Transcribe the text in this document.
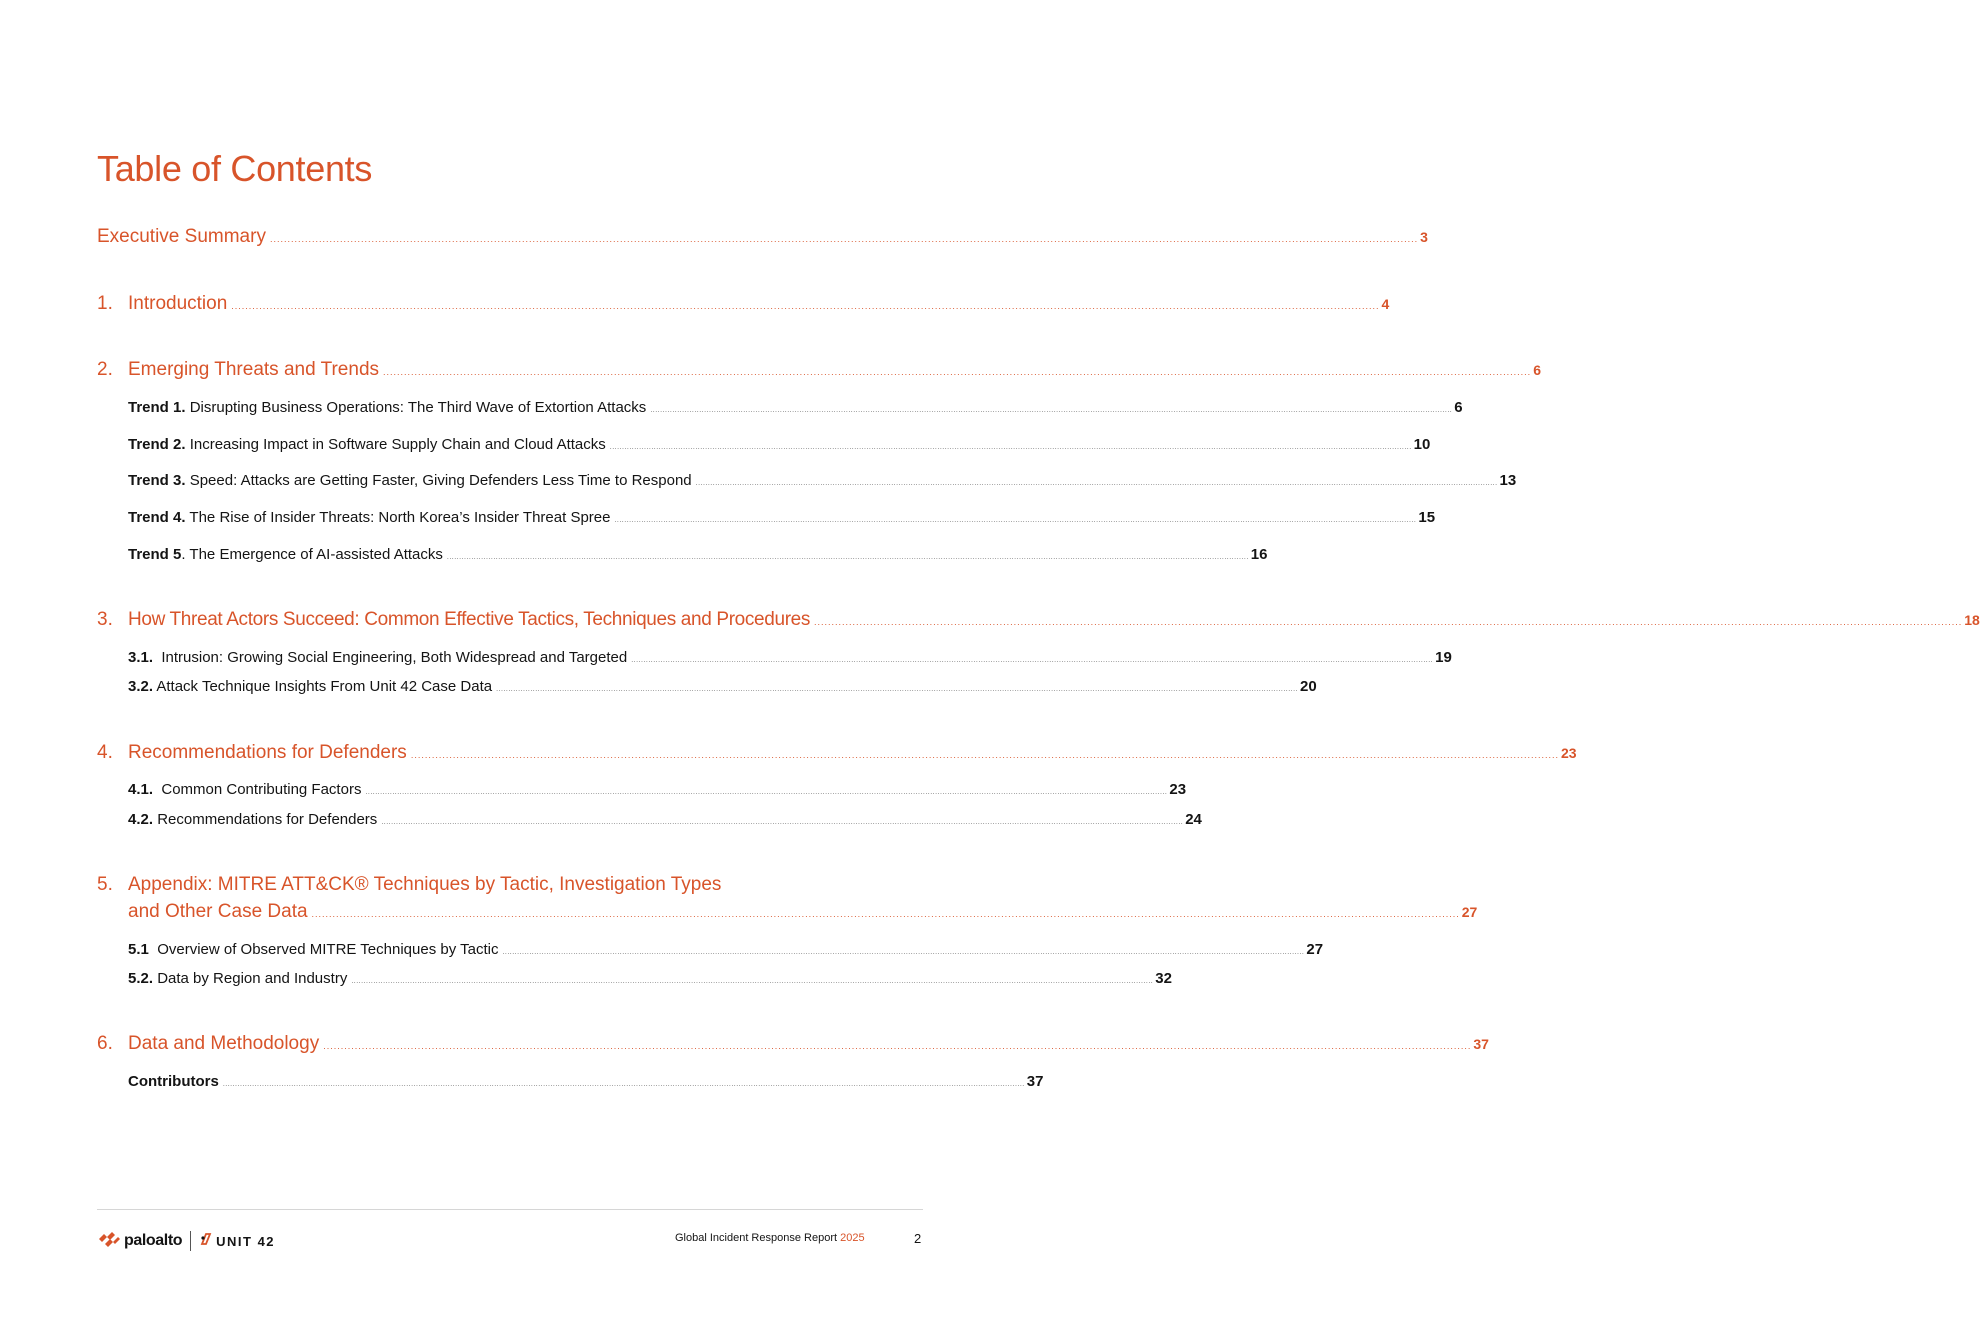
Table of Contents
Executive Summary ........................................................................................................................................................................................................................................................................................................................................ 3
1. Introduction ........................................................................................................................................................................................................................................................................................................................................ 4
2. Emerging Threats and Trends ........................................................................................................................................................................................................................................................................................................................................ 6
Trend 1. Disrupting Business Operations: The Third Wave of Extortion Attacks ........................................................................................................................................................................................................................................................................................................................................ 6
Trend 2. Increasing Impact in Software Supply Chain and Cloud Attacks ........................................................................................................................................................................................................................................................................................................................................ 10
Trend 3. Speed: Attacks are Getting Faster, Giving Defenders Less Time to Respond ........................................................................................................................................................................................................................................................................................................................................ 13
Trend 4. The Rise of Insider Threats: North Korea’s Insider Threat Spree ........................................................................................................................................................................................................................................................................................................................................ 15
Trend 5. The Emergence of AI-assisted Attacks ........................................................................................................................................................................................................................................................................................................................................ 16
3. How Threat Actors Succeed: Common Effective Tactics, Techniques and Procedures ........................................................................................................................................................................................................................................................................................................................................ 18
3.1.  Intrusion: Growing Social Engineering, Both Widespread and Targeted ........................................................................................................................................................................................................................................................................................................................................ 19
3.2. Attack Technique Insights From Unit 42 Case Data ........................................................................................................................................................................................................................................................................................................................................ 20
4. Recommendations for Defenders ........................................................................................................................................................................................................................................................................................................................................ 23
4.1.  Common Contributing Factors ........................................................................................................................................................................................................................................................................................................................................ 23
4.2. Recommendations for Defenders ........................................................................................................................................................................................................................................................................................................................................ 24
5. Appendix: MITRE ATT&CK® Techniques by Tactic, Investigation Types
and Other Case Data ........................................................................................................................................................................................................................................................................................................................................ 27
5.1  Overview of Observed MITRE Techniques by Tactic ........................................................................................................................................................................................................................................................................................................................................ 27
5.2. Data by Region and Industry ........................................................................................................................................................................................................................................................................................................................................ 32
6. Data and Methodology ........................................................................................................................................................................................................................................................................................................................................ 37
Contributors ........................................................................................................................................................................................................................................................................................................................................ 37
paloalto	UNIT 42	Global Incident Response Report 2025	2
